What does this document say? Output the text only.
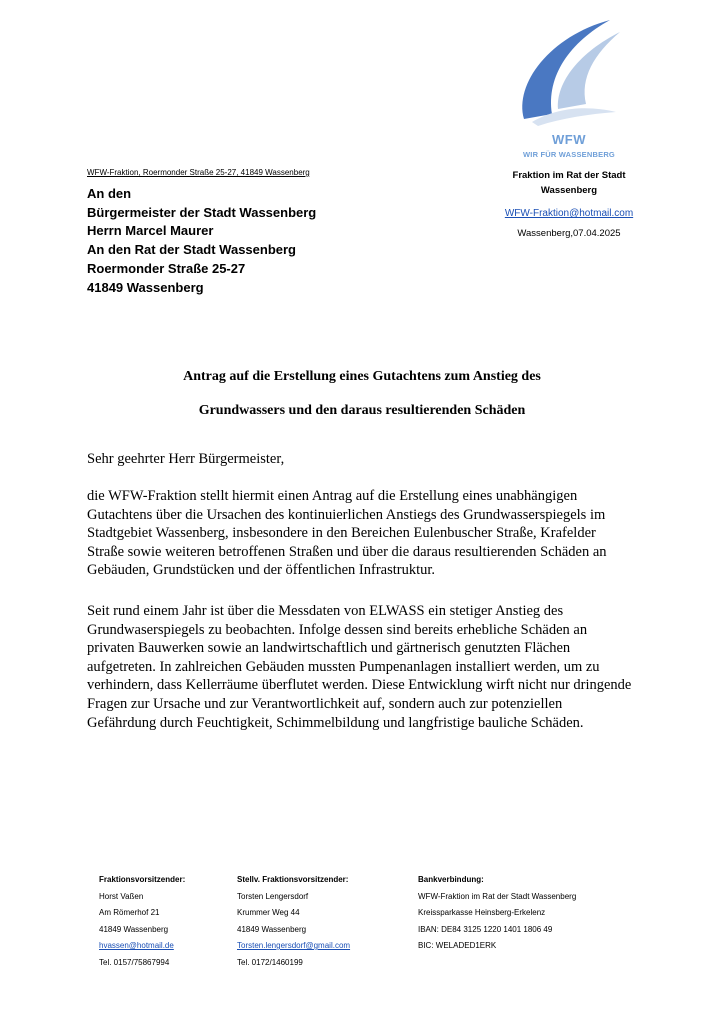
WFW
WIR FÜR WASSENBERG
WFW-Fraktion, Roermonder Straße 25-27, 41849 Wassenberg
An den
Bürgermeister der Stadt Wassenberg
Herrn Marcel Maurer
An den Rat der Stadt Wassenberg
Roermonder Straße 25-27
41849 Wassenberg
Fraktion im Rat der Stadt
Wassenberg
WFW-Fraktion@hotmail.com
Wassenberg,07.04.2025
Antrag auf die Erstellung eines Gutachtens zum Anstieg des
Grundwassers und den daraus resultierenden Schäden
Sehr geehrter Herr Bürgermeister,
die WFW-Fraktion stellt hiermit einen Antrag auf die Erstellung eines unabhängigen
Gutachtens über die Ursachen des kontinuierlichen Anstiegs des Grundwasserspiegels im
Stadtgebiet Wassenberg, insbesondere in den Bereichen Eulenbuscher Straße, Krafelder
Straße sowie weiteren betroffenen Straßen und über die daraus resultierenden Schäden an
Gebäuden, Grundstücken und der öffentlichen Infrastruktur.
Seit rund einem Jahr ist über die Messdaten von ELWASS ein stetiger Anstieg des
Grundwaserspiegels zu beobachten. Infolge dessen sind bereits erhebliche Schäden an
privaten Bauwerken sowie an landwirtschaftlich und gärtnerisch genutzten Flächen
aufgetreten. In zahlreichen Gebäuden mussten Pumpenanlagen installiert werden, um zu
verhindern, dass Kellerräume überflutet werden. Diese Entwicklung wirft nicht nur dringende
Fragen zur Ursache und zur Verantwortlichkeit auf, sondern auch zur potenziellen
Gefährdung durch Feuchtigkeit, Schimmelbildung und langfristige bauliche Schäden.
Fraktionsvorsitzender:
Horst Vaßen
Am Römerhof 21
41849 Wassenberg
hvassen@hotmail.de
Tel. 0157/75867994
Stellv. Fraktionsvorsitzender:
Torsten Lengersdorf
Krummer Weg 44
41849 Wassenberg
Torsten.lengersdorf@gmail.com
Tel. 0172/1460199
Bankverbindung:
WFW-Fraktion im Rat der Stadt Wassenberg
Kreissparkasse Heinsberg-Erkelenz
IBAN: DE84 3125 1220 1401 1806 49
BIC: WELADED1ERK
